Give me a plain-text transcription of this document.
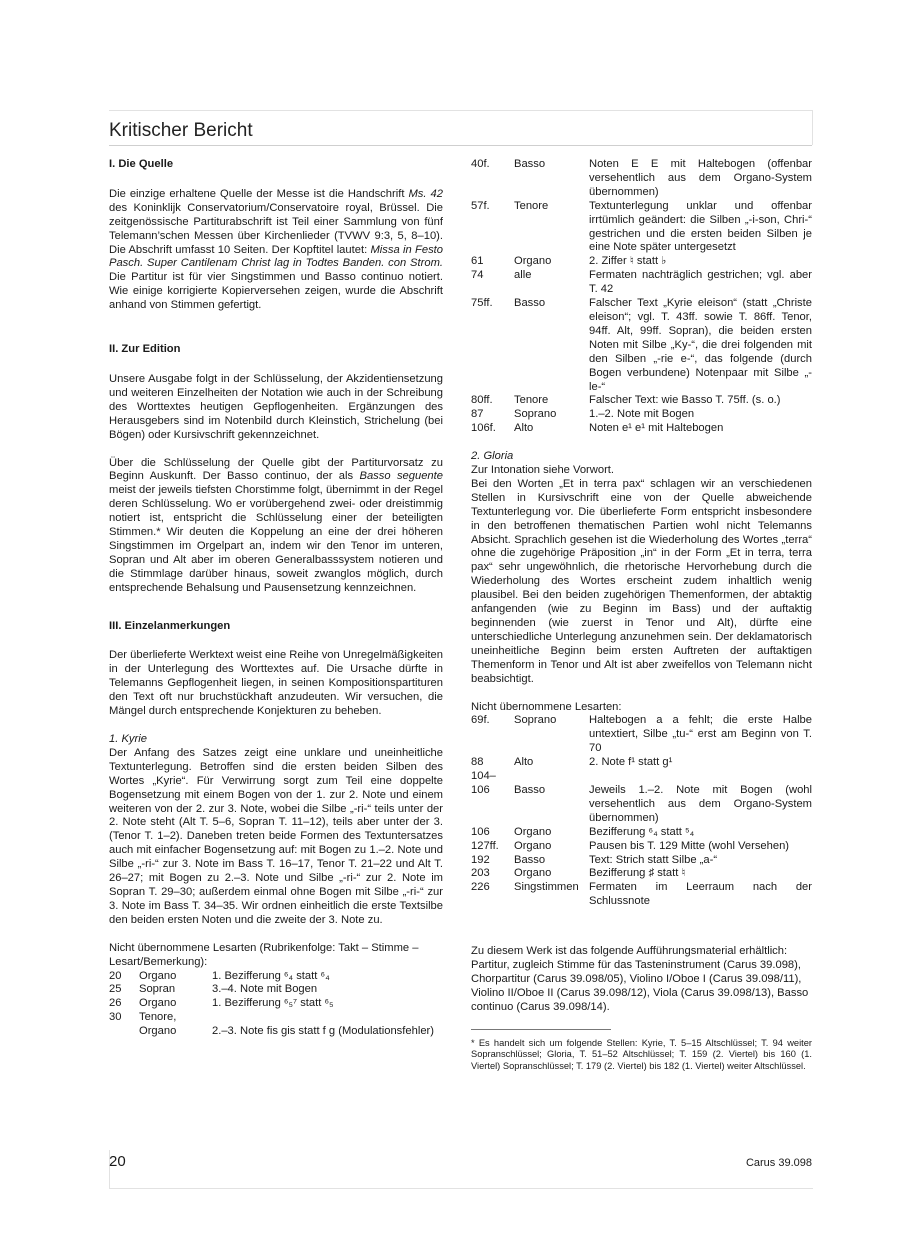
Kritischer Bericht
I. Die Quelle

Die einzige erhaltene Quelle der Messe ist die Handschrift Ms. 42 des Koninklijk Conservatorium/Conservatoire royal, Brüssel. Die zeitgenössische Partiturabschrift ist Teil einer Sammlung von fünf Telemann’schen Messen über Kirchenlieder (TVWV 9:3, 5, 8–10). Die Abschrift umfasst 10 Seiten. Der Kopftitel lautet: Missa in Festo Pasch. Super Cantilenam Christ lag in Todtes Banden. con Strom. Die Partitur ist für vier Singstimmen und Basso continuo notiert. Wie einige korrigierte Kopierversehen zeigen, wurde die Abschrift anhand von Stimmen gefertigt.

II. Zur Edition

Unsere Ausgabe folgt in der Schlüsselung, der Akzidentiensetzung und weiteren Einzelheiten der Notation wie auch in der Schreibung des Worttextes heutigen Gepflogenheiten. Ergänzungen des Herausgebers sind im Notenbild durch Kleinstich, Strichelung (bei Bögen) oder Kursivschrift gekennzeichnet.

Über die Schlüsselung der Quelle gibt der Partiturvorsatz zu Beginn Auskunft. Der Basso continuo, der als Basso seguente meist der jeweils tiefsten Chorstimme folgt, übernimmt in der Regel deren Schlüsselung. Wo er vorübergehend zwei- oder dreistimmig notiert ist, entspricht die Schlüsselung einer der beteiligten Stimmen.* Wir deuten die Koppelung an eine der drei höheren Singstimmen im Orgelpart an, indem wir den Tenor im unteren, Sopran und Alt aber im oberen Generalbasssystem notieren und die Stimmlage darüber hinaus, soweit zwanglos möglich, durch entsprechende Behalsung und Pausensetzung kennzeichnen.

III. Einzelanmerkungen

Der überlieferte Werktext weist eine Reihe von Unregelmäßigkeiten in der Unterlegung des Worttextes auf. Die Ursache dürfte in Telemanns Gepflogenheit liegen, in seinen Kompositionspartituren den Text oft nur bruchstückhaft anzudeuten. Wir versuchen, die Mängel durch entsprechende Konjekturen zu beheben.

1. Kyrie

Der Anfang des Satzes zeigt eine unklare und uneinheitliche Textunterlegung. Betroffen sind die ersten beiden Silben des Wortes „Kyrie“. Für Verwirrung sorgt zum Teil eine doppelte Bogensetzung mit einem Bogen von der 1. zur 2. Note und einem weiteren von der 2. zur 3. Note, wobei die Silbe „-ri-“ teils unter der 2. Note steht (Alt T. 5–6, Sopran T. 11–12), teils aber unter der 3. (Tenor T. 1–2). Daneben treten beide Formen des Textuntersatzes auch mit einfacher Bogensetzung auf: mit Bogen zu 1.–2. Note und Silbe „-ri-“ zur 3. Note im Bass T. 16–17, Tenor T. 21–22 und Alt T. 26–27; mit Bogen zu 2.–3. Note und Silbe „-ri-“ zur 2. Note im Sopran T. 29–30; außerdem einmal ohne Bogen mit Silbe „-ri-“ zur 3. Note im Bass T. 34–35. Wir ordnen einheitlich die erste Textsilbe den beiden ersten Noten und die zweite der 3. Note zu.

Nicht übernommene Lesarten (Rubrikenfolge: Takt – Stimme – Lesart/Bemerkung):
20	Organo	1. Bezifferung ⁶₄ statt ⁶₄
25	Sopran	3.–4. Note mit Bogen
26	Organo	1. Bezifferung ⁶₅⁷ statt ⁶₅
30	Tenore,	
	Organo	2.–3. Note fis gis statt f g (Modulationsfehler)
40f.	Basso	Noten E E mit Haltebogen (offenbar versehentlich aus dem Organo-System übernommen)
57f.	Tenore	Textunterlegung unklar und offenbar irrtümlich geändert: die Silben „-i-son, Chri-“ gestrichen und die ersten beiden Silben je eine Note später untergesetzt
61	Organo	2. Ziffer ♮ statt ♭
74	alle	Fermaten nachträglich gestrichen; vgl. aber T. 42
75ff.	Basso	Falscher Text „Kyrie eleison“ (statt „Christe eleison“; vgl. T. 43ff. sowie T. 86ff. Tenor, 94ff. Alt, 99ff. Sopran), die beiden ersten Noten mit Silbe „Ky-“, die drei folgenden mit den Silben „-rie e-“, das folgende (durch Bogen verbundene) Notenpaar mit Silbe „-le-“
80ff.	Tenore	Falscher Text: wie Basso T. 75ff. (s. o.)
87	Soprano	1.–2. Note mit Bogen
106f.	Alto	Noten e¹ e¹ mit Haltebogen
2. Gloria
Zur Intonation siehe Vorwort.

Bei den Worten „Et in terra pax“ schlagen wir an verschiedenen Stellen in Kursivschrift eine von der Quelle abweichende Textunterlegung vor. Die überlieferte Form entspricht insbesondere in den betroffenen thematischen Partien wohl nicht Telemanns Absicht. Sprachlich gesehen ist die Wiederholung des Wortes „terra“ ohne die zugehörige Präposition „in“ in der Form „Et in terra, terra pax“ sehr ungewöhnlich, die rhetorische Hervorhebung durch die Wiederholung des Wortes erscheint zudem inhaltlich wenig plausibel. Bei den beiden zugehörigen Themenformen, der abtaktig anfangenden (wie zu Beginn im Bass) und der auftaktig beginnenden (wie zuerst in Tenor und Alt), dürfte eine unterschiedliche Unterlegung anzunehmen sein. Der deklamatorisch uneinheitliche Beginn beim ersten Auftreten der auftaktigen Themenform in Tenor und Alt ist aber zweifellos von Telemann nicht beabsichtigt.

Nicht übernommene Lesarten:
69f.	Soprano	Haltebogen a a fehlt; die erste Halbe untextiert, Silbe „tu-“ erst am Beginn von T. 70
88	Alto	2. Note f¹ statt g¹
104–		
106	Basso	Jeweils 1.–2. Note mit Bogen (wohl versehentlich aus dem Organo-System übernommen)
106	Organo	Bezifferung ⁶₄ statt ⁵₄
127ff.	Organo	Pausen bis T. 129 Mitte (wohl Versehen)
192	Basso	Text: Strich statt Silbe „a-“
203	Organo	Bezifferung ♯ statt ♮
226	Singstimmen	Fermaten im Leerraum nach der Schlussnote

Zu diesem Werk ist das folgende Aufführungsmaterial erhältlich: Partitur, zugleich Stimme für das Tasteninstrument (Carus 39.098), Chorpartitur (Carus 39.098/05), Violino I/Oboe I (Carus 39.098/11), Violino II/Oboe II (Carus 39.098/12), Viola (Carus 39.098/13), Basso continuo (Carus 39.098/14).

* Es handelt sich um folgende Stellen: Kyrie, T. 5–15 Altschlüssel; T. 94 weiter Sopranschlüssel; Gloria, T. 51–52 Altschlüssel; T. 159 (2. Viertel) bis 160 (1. Viertel) Sopranschlüssel; T. 179 (2. Viertel) bis 182 (1. Viertel) weiter Altschlüssel.
20	Carus 39.098
